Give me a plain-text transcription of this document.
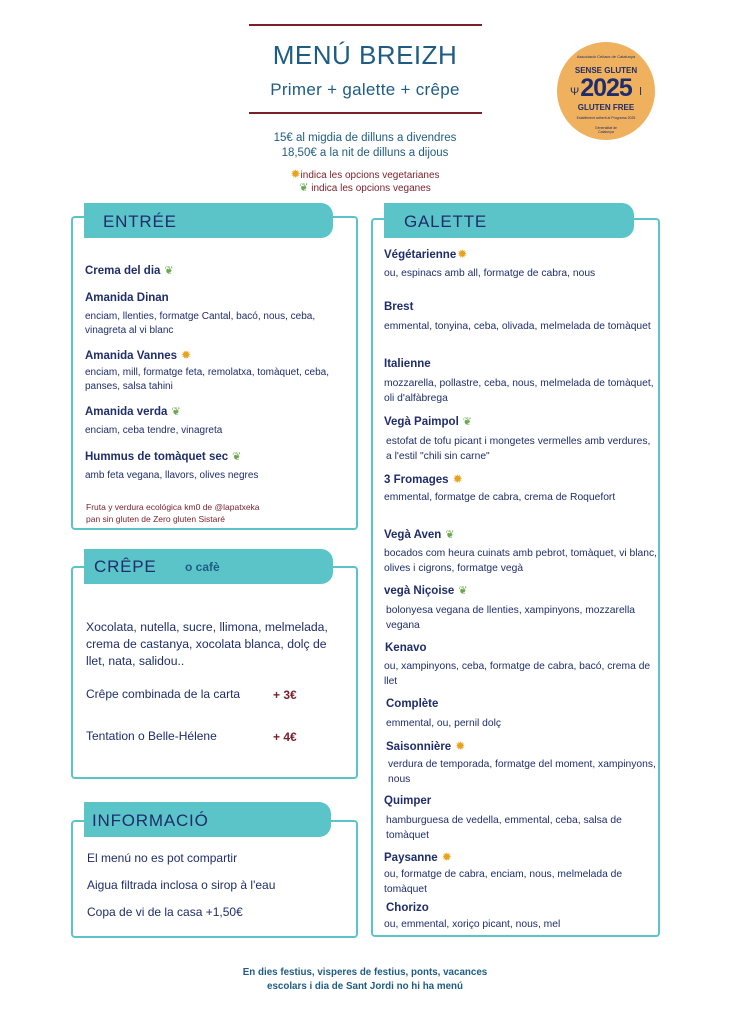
MENÚ BREIZH
Primer + galette + crêpe
15€ al migdia de dilluns a divendres
18,50€ a la nit de dilluns a dijous
✹indica les opcions vegetarianes
❦ indica les opcions veganes
Associació Celíacs de Catalunya
SENSE GLUTEN
Ψ 2025 ǀ
GLUTEN FREE
Establiment adherit al Programa 2025
Generalitat de Catalunya
ENTRÉE
Crema del dia ❦
Amanida Dinan
enciam, llenties, formatge Cantal, bacó, nous, ceba, vinagreta al vi blanc
Amanida Vannes ✹
enciam, mill, formatge feta, remolatxa, tomàquet, ceba, panses, salsa tahini
Amanida verda ❦
enciam, ceba tendre, vinagreta
Hummus de tomàquet sec ❦
amb feta vegana, llavors, olives negres
Fruta y verdura ecológica km0 de @lapatxeka
pan sin gluten de Zero gluten Sistaré
CRÊPE o cafè
Xocolata, nutella, sucre, llimona, melmelada, crema de castanya, xocolata blanca, dolç de llet, nata, salidou..
Crêpe combinada de la carta	+ 3€
Tentation o Belle-Hélene	+ 4€
INFORMACIÓ
El menú no es pot compartir
Aigua filtrada inclosa o sirop à l'eau
Copa de vi de la casa +1,50€
GALETTE
Végétarienne✹
ou, espinacs amb all, formatge de cabra, nous
Brest
emmental, tonyina, ceba, olivada, melmelada de tomàquet
Italienne
mozzarella, pollastre, ceba, nous, melmelada de tomàquet, oli d'alfàbrega
Vegà Paimpol ❦
estofat de tofu picant i mongetes vermelles amb verdures, a l'estil "chili sin carne"
3 Fromages ✹
emmental, formatge de cabra, crema de Roquefort
Vegà Aven ❦
bocados com heura cuinats amb pebrot, tomàquet, vi blanc, olives i cigrons, formatge vegà
vegà Niçoise ❦
bolonyesa vegana de llenties, xampinyons, mozzarella vegana
Kenavo
ou, xampinyons, ceba, formatge de cabra, bacó, crema de llet
Complète
emmental, ou, pernil dolç
Saisonnière ✹
verdura de temporada, formatge del moment, xampinyons, nous
Quimper
hamburguesa de vedella, emmental, ceba, salsa de tomàquet
Paysanne ✹
ou, formatge de cabra, enciam, nous, melmelada de tomàquet
Chorizo
ou, emmental, xoriço picant, nous, mel
En dies festius, visperes de festius, ponts, vacances
escolars i dia de Sant Jordi no hi ha menú
